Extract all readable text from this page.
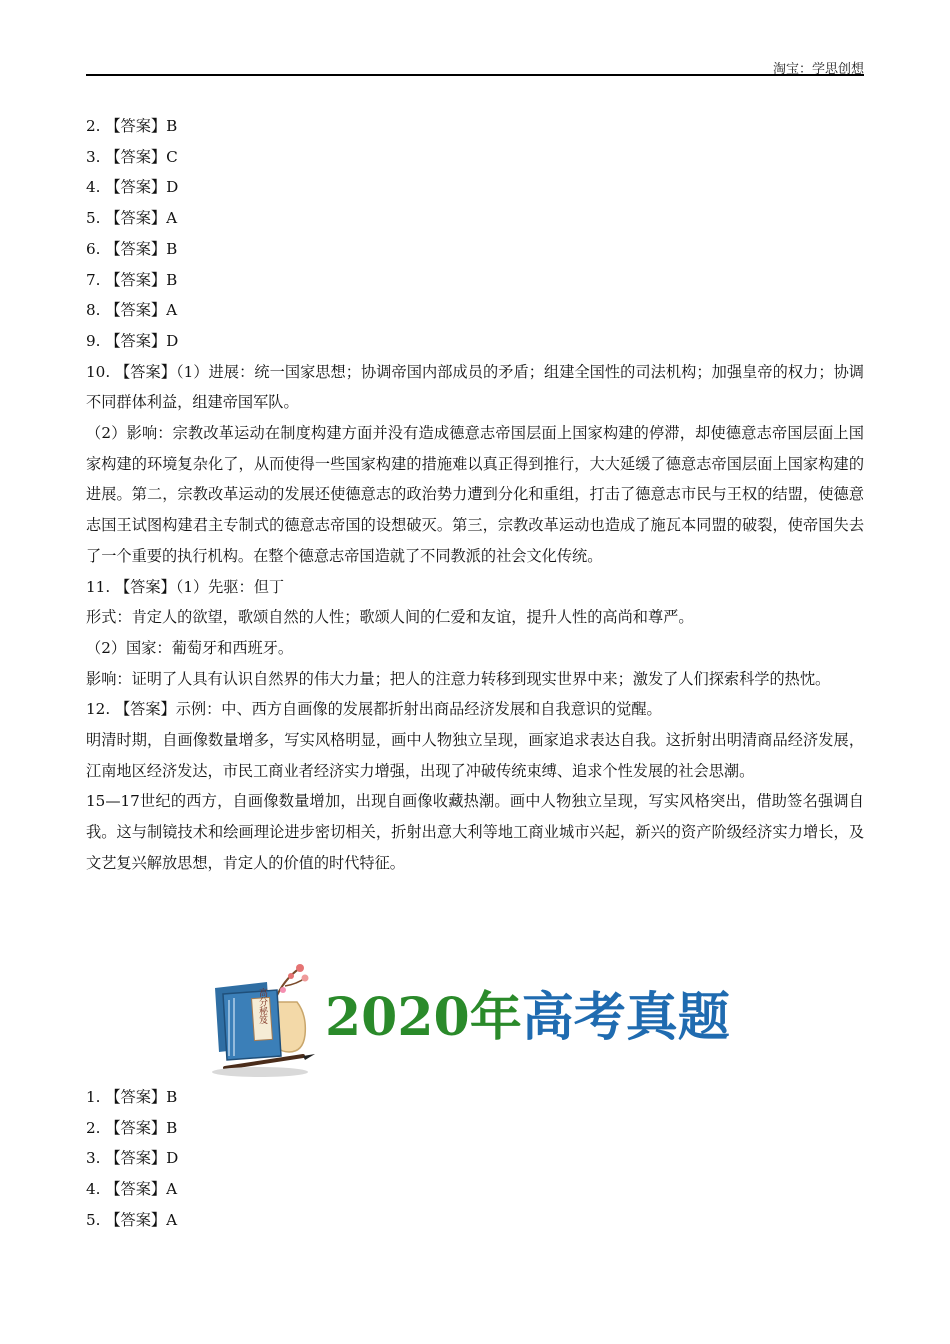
淘宝：学思创想
2. 【答案】B
3. 【答案】C
4. 【答案】D
5. 【答案】A
6. 【答案】B
7. 【答案】B
8. 【答案】A
9. 【答案】D
10. 【答案】（1）进展：统一国家思想；协调帝国内部成员的矛盾；组建全国性的司法机构；加强皇帝的权力；协调不同群体利益，组建帝国军队。
（2）影响：宗教改革运动在制度构建方面并没有造成德意志帝国层面上国家构建的停滞，却使德意志帝国层面上国家构建的环境复杂化了，从而使得一些国家构建的措施难以真正得到推行，大大延缓了德意志帝国层面上国家构建的进展。第二，宗教改革运动的发展还使德意志的政治势力遭到分化和重组，打击了德意志市民与王权的结盟，使德意志国王试图构建君主专制式的德意志帝国的设想破灭。第三，宗教改革运动也造成了施瓦本同盟的破裂，使帝国失去了一个重要的执行机构。在整个德意志帝国造就了不同教派的社会文化传统。
11. 【答案】（1）先驱：但丁
形式：肯定人的欲望，歌颂自然的人性；歌颂人间的仁爱和友谊，提升人性的高尚和尊严。
（2）国家：葡萄牙和西班牙。
影响：证明了人具有认识自然界的伟大力量；把人的注意力转移到现实世界中来；激发了人们探索科学的热忱。
12. 【答案】示例：中、西方自画像的发展都折射出商品经济发展和自我意识的觉醒。
明清时期，自画像数量增多，写实风格明显，画中人物独立呈现，画家追求表达自我。这折射出明清商品经济发展，江南地区经济发达，市民工商业者经济实力增强，出现了冲破传统束缚、追求个性发展的社会思潮。
15—17世纪的西方，自画像数量增加，出现自画像收藏热潮。画中人物独立呈现，写实风格突出，借助签名强调自我。这与制镜技术和绘画理论进步密切相关，折射出意大利等地工商业城市兴起，新兴的资产阶级经济实力增长，及文艺复兴解放思想，肯定人的价值的时代特征。
高分秘笈 2020年高考真题
1. 【答案】B
2. 【答案】B
3. 【答案】D
4. 【答案】A
5. 【答案】A
